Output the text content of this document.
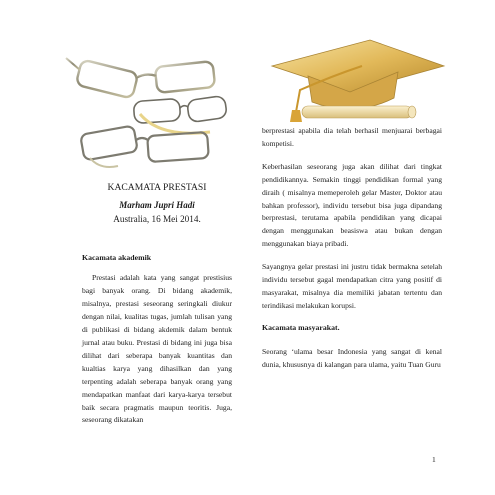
KACAMATA PRESTASI

Marham Jupri Hadi
Australia, 16 Mei 2014.
Kacamata akademik

Prestasi adalah kata yang sangat prestisius bagi banyak orang. Di bidang akademik, misalnya, prestasi seseorang seringkali diukur dengan nilai, kualitas tugas, jumlah tulisan yang di publikasi di bidang akdemik dalam bentuk jurnal atau buku. Prestasi di bidang ini juga bisa dilihat dari seberapa banyak kuantitas dan kualtias karya yang dihasilkan dan yang terpenting adalah seberapa banyak orang yang mendapatkan manfaat dari karya-karya tersebut baik secara pragmatis maupun teoritis. Juga, seseorang dikatakan

berprestasi apabila dia telah berhasil menjuarai berbagai kompetisi.

Keberhasilan seseorang juga akan dilihat dari tingkat pendidikannya. Semakin tinggi pendidikan formal yang diraih ( misalnya memeperoleh gelar Master, Doktor atau bahkan professor), individu tersebut bisa juga dipandang berprestasi, terutama apabila pendidikan yang dicapai dengan menggunakan beasiswa atau bukan dengan menggunakan biaya pribadi.

Sayangnya gelar prestasi ini justru tidak bermakna setelah individu tersebut gagal mendapatkan citra yang positif di masyarakat, misalnya dia memiliki jabatan tertentu dan terindikasi melakukan korupsi.

Kacamata masyarakat.

Seorang ‘ulama besar Indonesia yang sangat di kenal dunia, khususnya di kalangan para ulama, yaitu Tuan Guru

1
